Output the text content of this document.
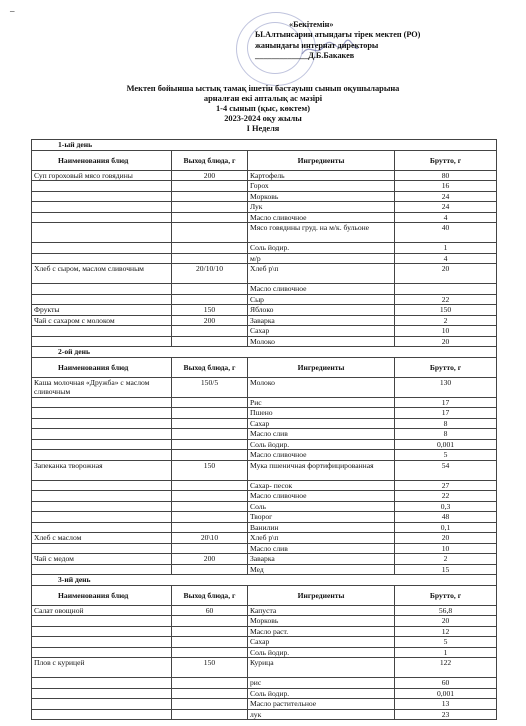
–
«Бекітемін»
Ы.Алтынсарин атындағы тірек мектеп (РО)
жанындағы интернат директоры
_____________Д.Б.Бакакев
Мектеп бойынша ыстық тамақ ішетін бастауыш сынып оқушыларына
арналған екі апталық ас мәзірі
1-4 сынып (қыс, көктем)
2023-2024 оқу жылы
I Неделя
1-ый день			
Наименования блюд	Выход блюда, г	Ингредиенты	Брутто, г
Суп гороховый мясо говядины	200	Картофель	80
		Горох	16
		Морковь	24
		Лук	24
		Масло сливочное	4
		Мясо говядины груд. на м/к. бульоне	40
		Соль йодир.	1
		м/р	4
Хлеб с сыром, маслом сливочным	20/10/10	Хлеб р\п	20
		Масло сливочное	
		Сыр	22
Фрукты	150	Яблоко	150
Чай с сахаром с молоком	200	Заварка	2
		Сахар	10
		Молоко	20
2-ой день			
Наименования блюд	Выход блюда, г	Ингредиенты	Брутто, г
Каша молочная «Дружба» с маслом сливочным	150/5	Молоко	130
		Рис	17
		Пшено	17
		Сахар	8
		Масло слив	8
		Соль йодир.	0,001
		Масло сливочное	5
Запеканка творожная	150	Мука пшеничная фортифицированная	54
		Сахар- песок	27
		Масло сливочное	22
		Соль	0,3
		Творог	48
		Ванилин	0,1
Хлеб с маслом	20\10	Хлеб р\п	20
		Масло слив	10
Чай с медом	200	Заварка	2
		Мед	15
3-ий день			
Наименования блюд	Выход блюда, г	Ингредиенты	Брутто, г
Салат овощной	60	Капуста	56,8
		Морковь	20
		Масло раст.	12
		Сахар	5
		Соль йодир.	1
Плов с курицей	150	Курица	122
		рис	60
		Соль йодир.	0,001
		Масло растительное	13
		лук	23
